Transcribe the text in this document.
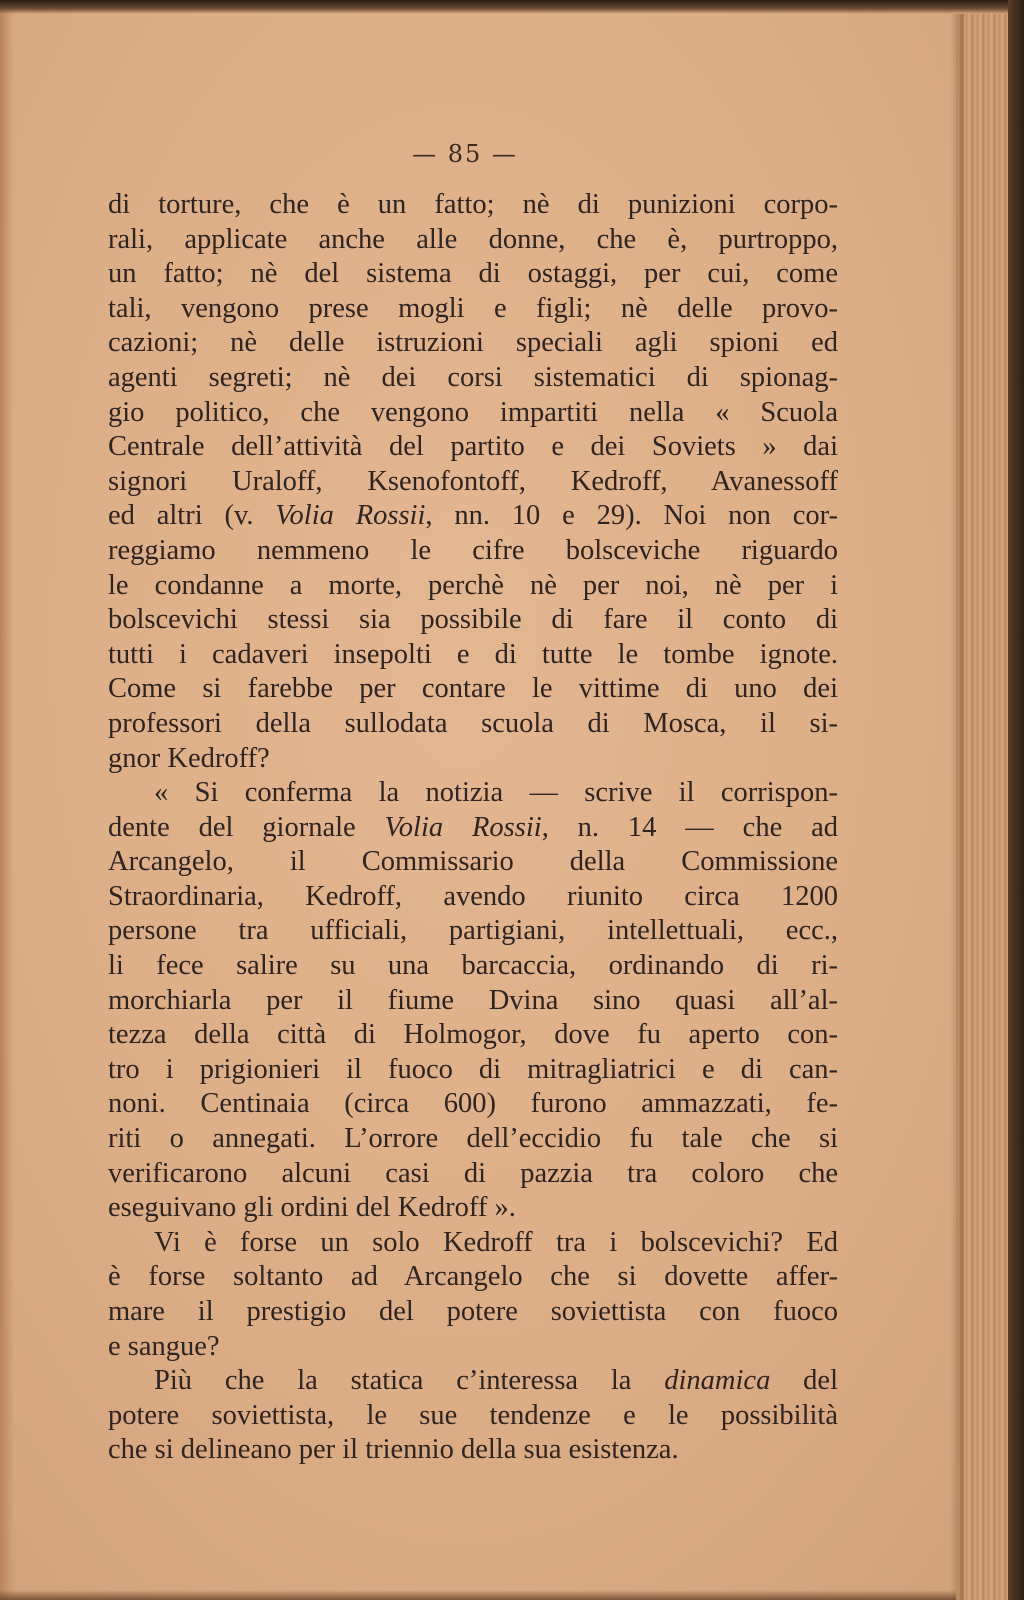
— 85 —
di torture, che è un fatto; nè di punizioni corpo-
rali, applicate anche alle donne, che è, purtroppo,
un fatto; nè del sistema di ostaggi, per cui, come
tali, vengono prese mogli e figli; nè delle provo-
cazioni; nè delle istruzioni speciali agli spioni ed
agenti segreti; nè dei corsi sistematici di spionag-
gio politico, che vengono impartiti nella « Scuola
Centrale dell’attività del partito e dei Soviets » dai
signori Uraloff, Ksenofontoff, Kedroff, Avanessoff
ed altri (v. Volia Rossii, nn. 10 e 29). Noi non cor-
reggiamo nemmeno le cifre bolsceviche riguardo
le condanne a morte, perchè nè per noi, nè per i
bolscevichi stessi sia possibile di fare il conto di
tutti i cadaveri insepolti e di tutte le tombe ignote.
Come si farebbe per contare le vittime di uno dei
professori della sullodata scuola di Mosca, il si-
gnor Kedroff?
« Si conferma la notizia — scrive il corrispon-
dente del giornale Volia Rossii, n. 14 — che ad
Arcangelo, il Commissario della Commissione
Straordinaria, Kedroff, avendo riunito circa 1200
persone tra ufficiali, partigiani, intellettuali, ecc.,
li fece salire su una barcaccia, ordinando di ri-
morchiarla per il fiume Dvina sino quasi all’al-
tezza della città di Holmogor, dove fu aperto con-
tro i prigionieri il fuoco di mitragliatrici e di can-
noni. Centinaia (circa 600) furono ammazzati, fe-
riti o annegati. L’orrore dell’eccidio fu tale che si
verificarono alcuni casi di pazzia tra coloro che
eseguivano gli ordini del Kedroff ».
Vi è forse un solo Kedroff tra i bolscevichi? Ed
è forse soltanto ad Arcangelo che si dovette affer-
mare il prestigio del potere soviettista con fuoco
e sangue?
Più che la statica c’interessa la dinamica del
potere soviettista, le sue tendenze e le possibilità
che si delineano per il triennio della sua esistenza.
